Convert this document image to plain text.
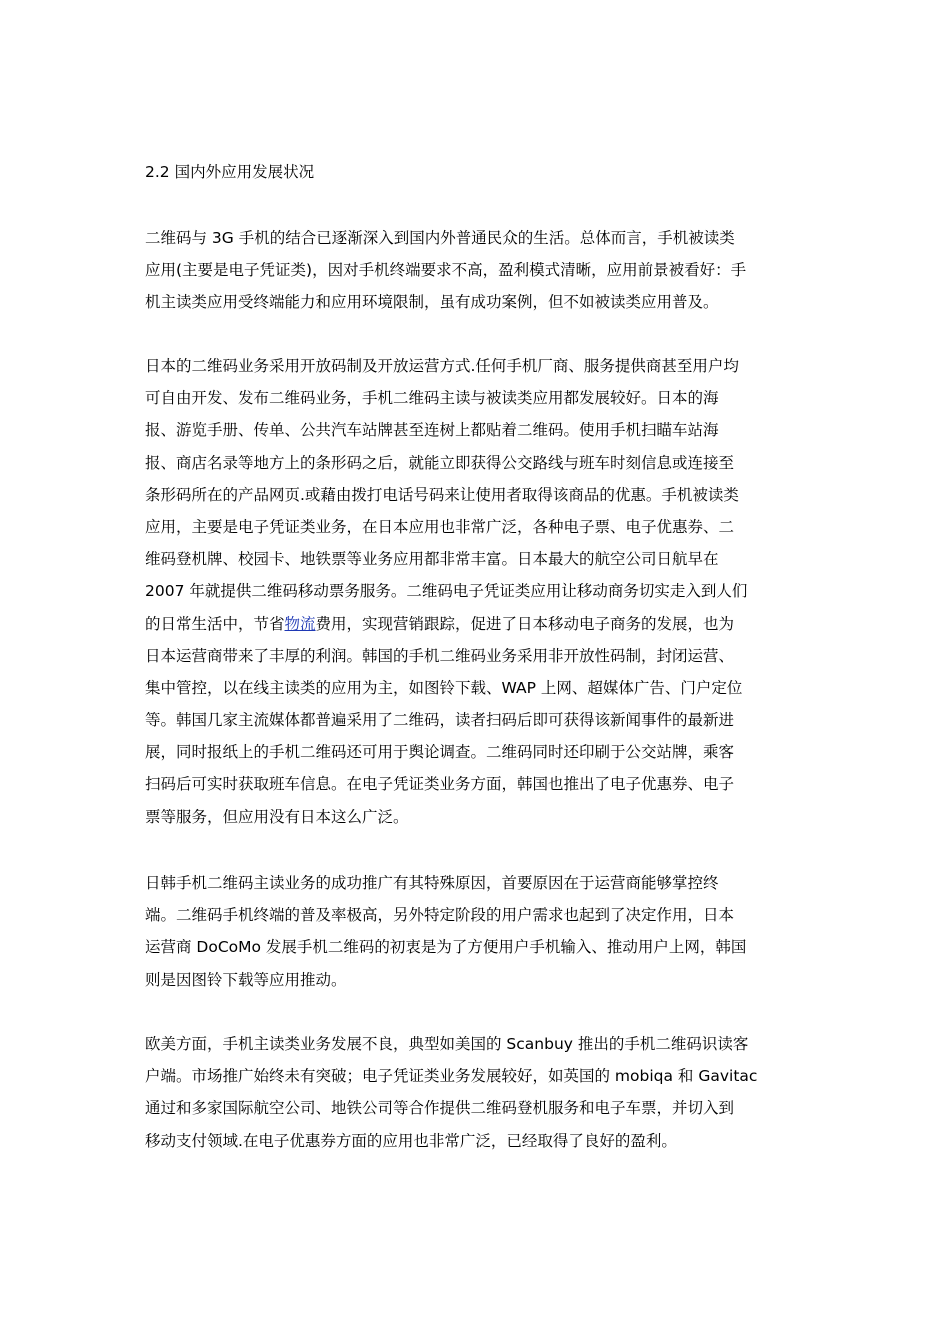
2.2 国内外应用发展状况
二维码与 3G 手机的结合已逐渐深入到国内外普通民众的生活。总体而言，手机被读类
应用(主要是电子凭证类)，因对手机终端要求不高，盈利模式清晰，应用前景被看好：手
机主读类应用受终端能力和应用环境限制，虽有成功案例，但不如被读类应用普及。
日本的二维码业务采用开放码制及开放运营方式.任何手机厂商、服务提供商甚至用户均
可自由开发、发布二维码业务，手机二维码主读与被读类应用都发展较好。日本的海
报、游览手册、传单、公共汽车站牌甚至连树上都贴着二维码。使用手机扫瞄车站海
报、商店名录等地方上的条形码之后，就能立即获得公交路线与班车时刻信息或连接至
条形码所在的产品网页.或藉由拨打电话号码来让使用者取得该商品的优惠。手机被读类
应用，主要是电子凭证类业务，在日本应用也非常广泛，各种电子票、电子优惠券、二
维码登机牌、校园卡、地铁票等业务应用都非常丰富。日本最大的航空公司日航早在
2007 年就提供二维码移动票务服务。二维码电子凭证类应用让移动商务切实走入到人们
的日常生活中，节省物流费用，实现营销跟踪，促进了日本移动电子商务的发展，也为
日本运营商带来了丰厚的利润。韩国的手机二维码业务采用非开放性码制，封闭运营、
集中管控，以在线主读类的应用为主，如图铃下载、WAP 上网、超媒体广告、门户定位
等。韩国几家主流媒体都普遍采用了二维码，读者扫码后即可获得该新闻事件的最新进
展，同时报纸上的手机二维码还可用于舆论调查。二维码同时还印刷于公交站牌，乘客
扫码后可实时获取班车信息。在电子凭证类业务方面，韩国也推出了电子优惠券、电子
票等服务，但应用没有日本这么广泛。
日韩手机二维码主读业务的成功推广有其特殊原因，首要原因在于运营商能够掌控终
端。二维码手机终端的普及率极高，另外特定阶段的用户需求也起到了决定作用，日本
运营商 DoCoMo 发展手机二维码的初衷是为了方便用户手机输入、推动用户上网，韩国
则是因图铃下载等应用推动。
欧美方面，手机主读类业务发展不良，典型如美国的 Scanbuy 推出的手机二维码识读客
户端。市场推广始终未有突破；电子凭证类业务发展较好，如英国的 mobiqa 和 Gavitac
通过和多家国际航空公司、地铁公司等合作提供二维码登机服务和电子车票，并切入到
移动支付领域.在电子优惠券方面的应用也非常广泛，已经取得了良好的盈利。
